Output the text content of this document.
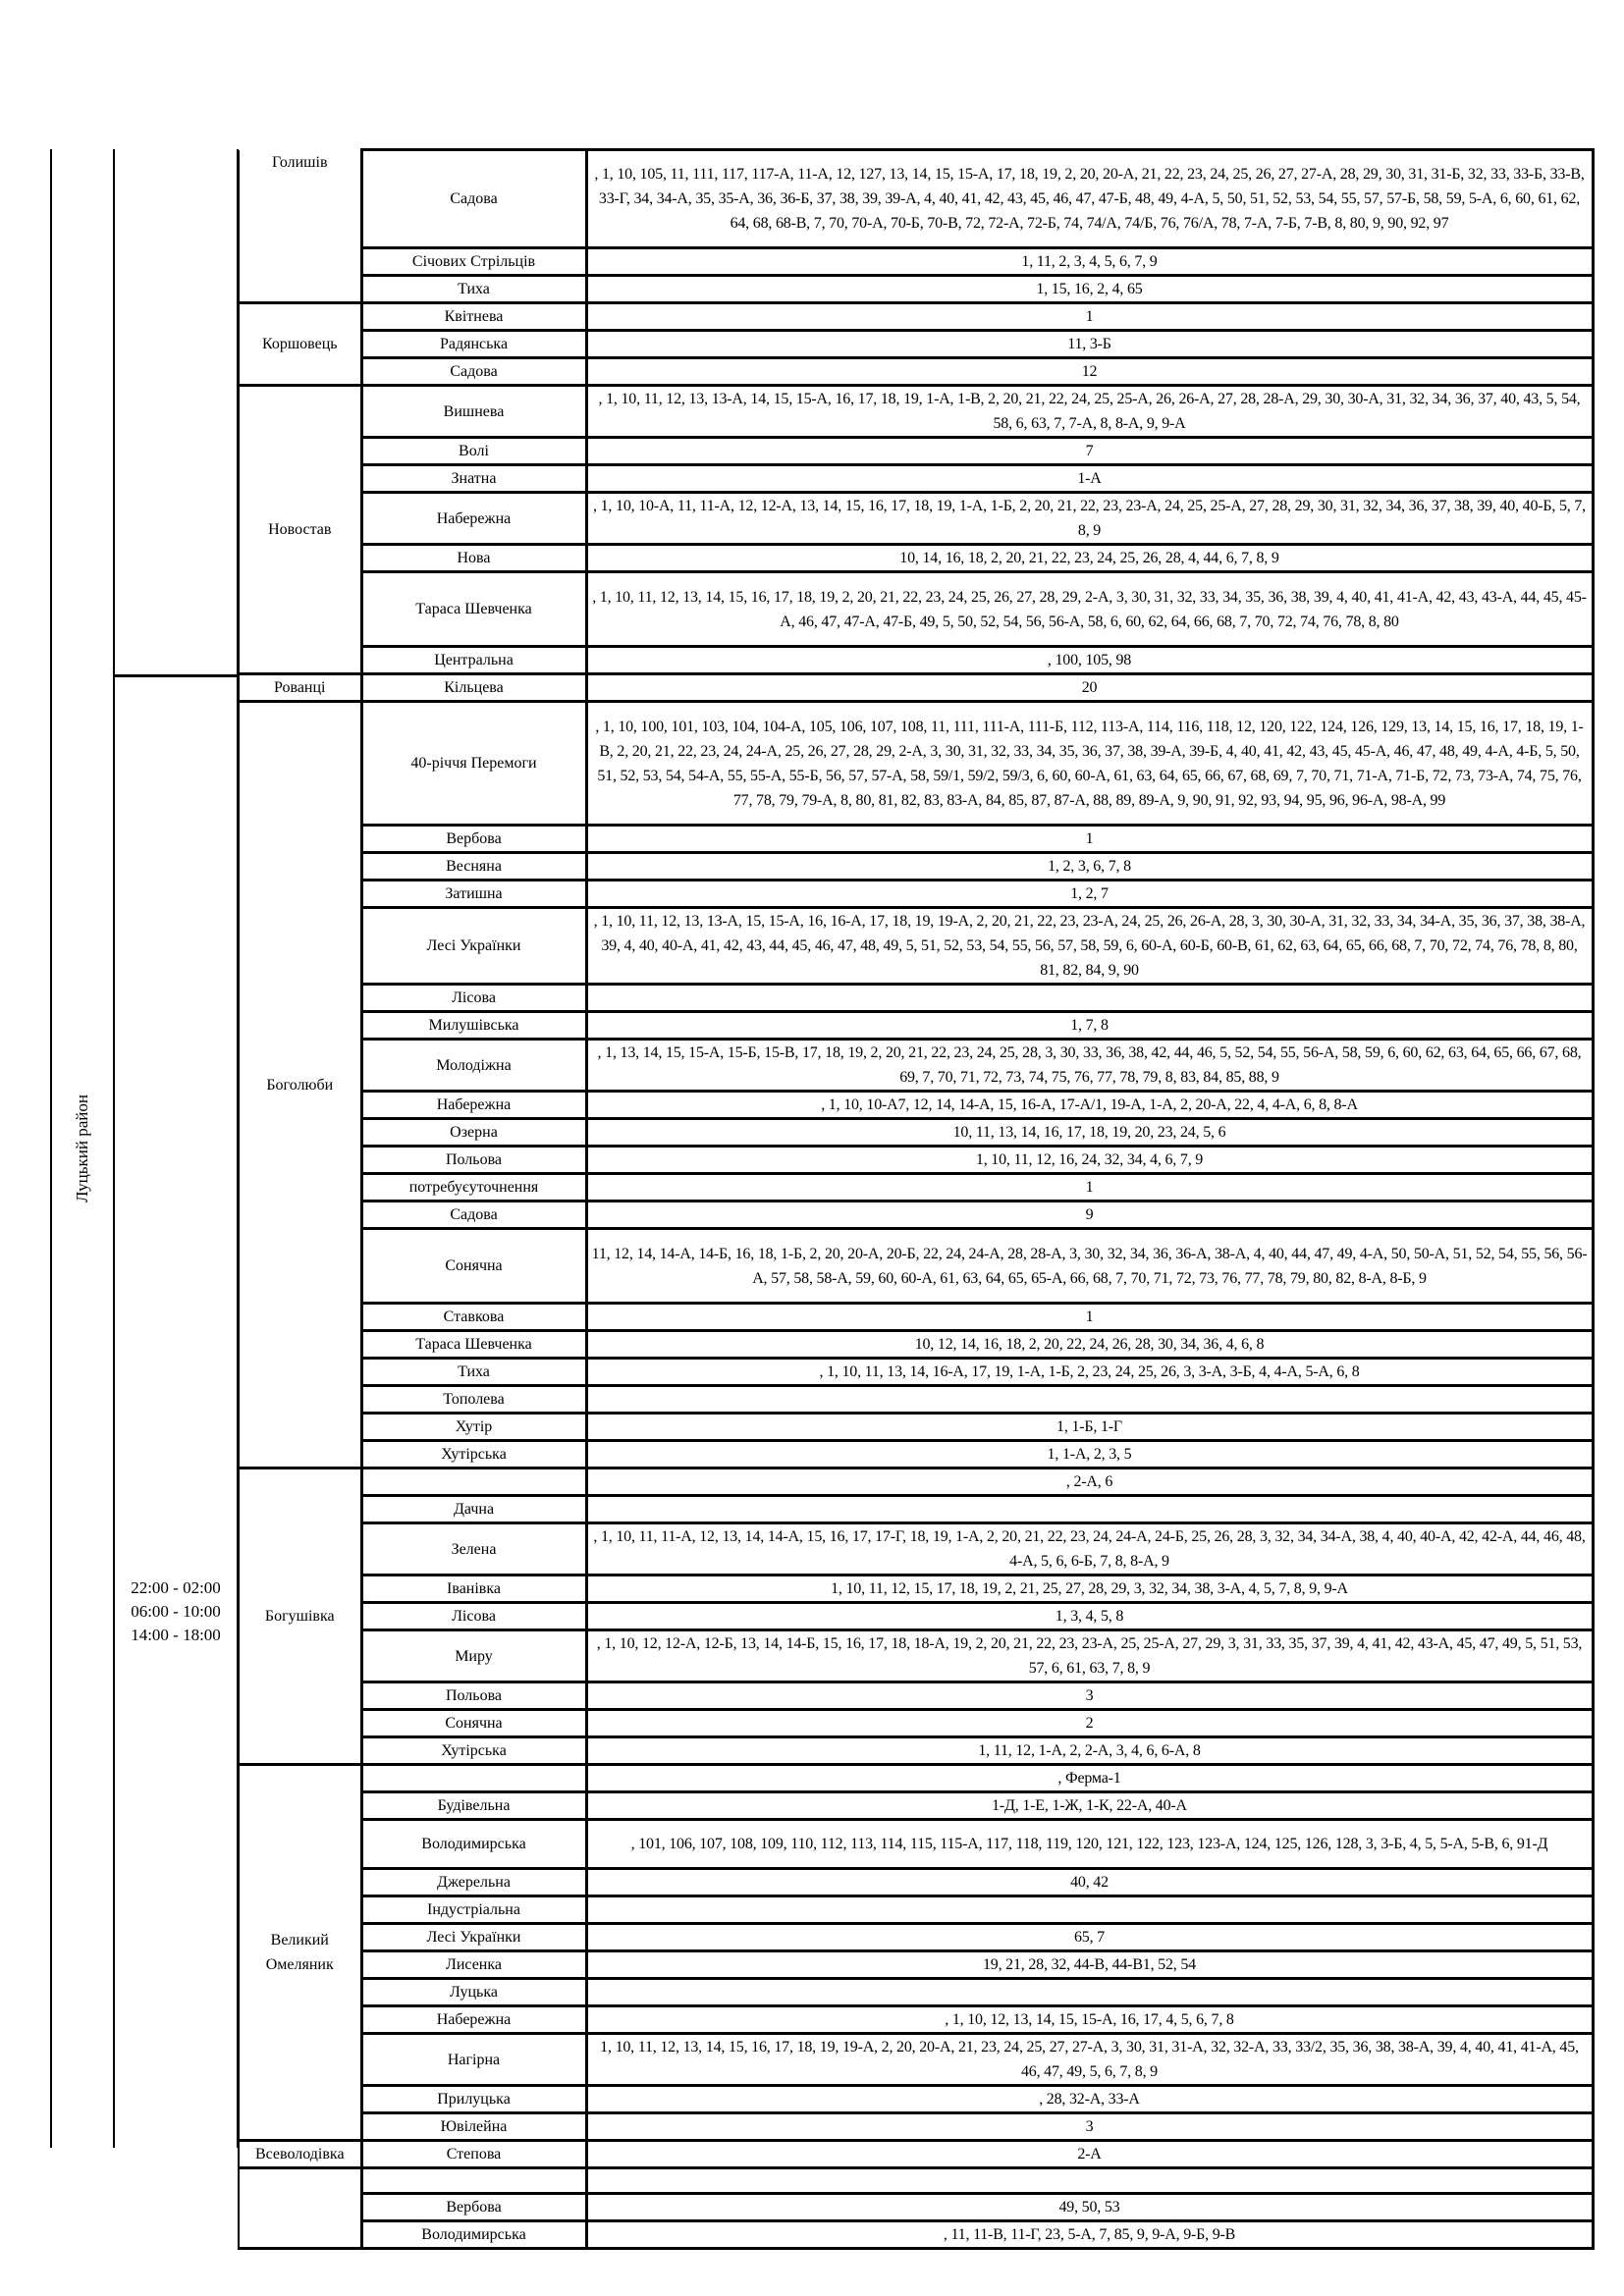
Луцький район
22:00 - 02:00
06:00 - 10:00
14:00 - 18:00
Голишів	Садова	, 1, 10, 105, 11, 111, 117, 117-А, 11-А, 12, 127, 13, 14, 15, 15-А, 17, 18, 19, 2, 20, 20-А, 21, 22, 23, 24, 25, 26, 27, 27-А, 28, 29, 30, 31, 31-Б, 32, 33, 33-Б, 33-В, 33-Г, 34, 34-А, 35, 35-А, 36, 36-Б, 37, 38, 39, 39-А, 4, 40, 41, 42, 43, 45, 46, 47, 47-Б, 48, 49, 4-А, 5, 50, 51, 52, 53, 54, 55, 57, 57-Б, 58, 59, 5-А, 6, 60, 61, 62, 64, 68, 68-В, 7, 70, 70-А, 70-Б, 70-В, 72, 72-А, 72-Б, 74, 74/А, 74/Б, 76, 76/А, 78, 7-А, 7-Б, 7-В, 8, 80, 9, 90, 92, 97
	Січових Стрільців	1, 11, 2, 3, 4, 5, 6, 7, 9
	Тиха	1, 15, 16, 2, 4, 65
Коршовець	Квітнева	1
	Радянська	11, 3-Б
	Садова	12
Новостав	Вишнева	, 1, 10, 11, 12, 13, 13-А, 14, 15, 15-А, 16, 17, 18, 19, 1-А, 1-В, 2, 20, 21, 22, 24, 25, 25-А, 26, 26-А, 27, 28, 28-А, 29, 30, 30-А, 31, 32, 34, 36, 37, 40, 43, 5, 54, 58, 6, 63, 7, 7-А, 8, 8-А, 9, 9-А
	Волі	7
	Знатна	1-А
	Набережна	, 1, 10, 10-А, 11, 11-А, 12, 12-А, 13, 14, 15, 16, 17, 18, 19, 1-А, 1-Б, 2, 20, 21, 22, 23, 23-А, 24, 25, 25-А, 27, 28, 29, 30, 31, 32, 34, 36, 37, 38, 39, 40, 40-Б, 5, 7, 8, 9
	Нова	10, 14, 16, 18, 2, 20, 21, 22, 23, 24, 25, 26, 28, 4, 44, 6, 7, 8, 9
	Тараса Шевченка	, 1, 10, 11, 12, 13, 14, 15, 16, 17, 18, 19, 2, 20, 21, 22, 23, 24, 25, 26, 27, 28, 29, 2-А, 3, 30, 31, 32, 33, 34, 35, 36, 38, 39, 4, 40, 41, 41-А, 42, 43, 43-А, 44, 45, 45-А, 46, 47, 47-А, 47-Б, 49, 5, 50, 52, 54, 56, 56-А, 58, 6, 60, 62, 64, 66, 68, 7, 70, 72, 74, 76, 78, 8, 80
	Центральна	, 100, 105, 98
Рованці	Кільцева	20
Боголюби	40-річчя Перемоги	, 1, 10, 100, 101, 103, 104, 104-А, 105, 106, 107, 108, 11, 111, 111-А, 111-Б, 112, 113-А, 114, 116, 118, 12, 120, 122, 124, 126, 129, 13, 14, 15, 16, 17, 18, 19, 1-В, 2, 20, 21, 22, 23, 24, 24-А, 25, 26, 27, 28, 29, 2-А, 3, 30, 31, 32, 33, 34, 35, 36, 37, 38, 39-А, 39-Б, 4, 40, 41, 42, 43, 45, 45-А, 46, 47, 48, 49, 4-А, 4-Б, 5, 50, 51, 52, 53, 54, 54-А, 55, 55-А, 55-Б, 56, 57, 57-А, 58, 59/1, 59/2, 59/3, 6, 60, 60-А, 61, 63, 64, 65, 66, 67, 68, 69, 7, 70, 71, 71-А, 71-Б, 72, 73, 73-А, 74, 75, 76, 77, 78, 79, 79-А, 8, 80, 81, 82, 83, 83-А, 84, 85, 87, 87-А, 88, 89, 89-А, 9, 90, 91, 92, 93, 94, 95, 96, 96-А, 98-А, 99
	Вербова	1
	Весняна	1, 2, 3, 6, 7, 8
	Затишна	1, 2, 7
	Лесі Українки	, 1, 10, 11, 12, 13, 13-А, 15, 15-А, 16, 16-А, 17, 18, 19, 19-А, 2, 20, 21, 22, 23, 23-А, 24, 25, 26, 26-А, 28, 3, 30, 30-А, 31, 32, 33, 34, 34-А, 35, 36, 37, 38, 38-А, 39, 4, 40, 40-А, 41, 42, 43, 44, 45, 46, 47, 48, 49, 5, 51, 52, 53, 54, 55, 56, 57, 58, 59, 6, 60-А, 60-Б, 60-В, 61, 62, 63, 64, 65, 66, 68, 7, 70, 72, 74, 76, 78, 8, 80, 81, 82, 84, 9, 90
	Лісова	
	Милушівська	1, 7, 8
	Молодіжна	, 1, 13, 14, 15, 15-А, 15-Б, 15-В, 17, 18, 19, 2, 20, 21, 22, 23, 24, 25, 28, 3, 30, 33, 36, 38, 42, 44, 46, 5, 52, 54, 55, 56-А, 58, 59, 6, 60, 62, 63, 64, 65, 66, 67, 68, 69, 7, 70, 71, 72, 73, 74, 75, 76, 77, 78, 79, 8, 83, 84, 85, 88, 9
	Набережна	, 1, 10, 10-А7, 12, 14, 14-А, 15, 16-А, 17-А/1, 19-А, 1-А, 2, 20-А, 22, 4, 4-А, 6, 8, 8-А
	Озерна	10, 11, 13, 14, 16, 17, 18, 19, 20, 23, 24, 5, 6
	Польова	1, 10, 11, 12, 16, 24, 32, 34, 4, 6, 7, 9
	потребуєуточнення	1
	Садова	9
	Сонячна	11, 12, 14, 14-А, 14-Б, 16, 18, 1-Б, 2, 20, 20-А, 20-Б, 22, 24, 24-А, 28, 28-А, 3, 30, 32, 34, 36, 36-А, 38-А, 4, 40, 44, 47, 49, 4-А, 50, 50-А, 51, 52, 54, 55, 56, 56-А, 57, 58, 58-А, 59, 60, 60-А, 61, 63, 64, 65, 65-А, 66, 68, 7, 70, 71, 72, 73, 76, 77, 78, 79, 80, 82, 8-А, 8-Б, 9
	Ставкова	1
	Тараса Шевченка	10, 12, 14, 16, 18, 2, 20, 22, 24, 26, 28, 30, 34, 36, 4, 6, 8
	Тиха	, 1, 10, 11, 13, 14, 16-А, 17, 19, 1-А, 1-Б, 2, 23, 24, 25, 26, 3, 3-А, 3-Б, 4, 4-А, 5-А, 6, 8
	Тополева	
	Хутір	1, 1-Б, 1-Г
	Хутірська	1, 1-А, 2, 3, 5
Богушівка		, 2-А, 6
	Дачна	
	Зелена	, 1, 10, 11, 11-А, 12, 13, 14, 14-А, 15, 16, 17, 17-Г, 18, 19, 1-А, 2, 20, 21, 22, 23, 24, 24-А, 24-Б, 25, 26, 28, 3, 32, 34, 34-А, 38, 4, 40, 40-А, 42, 42-А, 44, 46, 48, 4-А, 5, 6, 6-Б, 7, 8, 8-А, 9
	Іванівка	1, 10, 11, 12, 15, 17, 18, 19, 2, 21, 25, 27, 28, 29, 3, 32, 34, 38, 3-А, 4, 5, 7, 8, 9, 9-А
	Лісова	1, 3, 4, 5, 8
	Миру	, 1, 10, 12, 12-А, 12-Б, 13, 14, 14-Б, 15, 16, 17, 18, 18-А, 19, 2, 20, 21, 22, 23, 23-А, 25, 25-А, 27, 29, 3, 31, 33, 35, 37, 39, 4, 41, 42, 43-А, 45, 47, 49, 5, 51, 53, 57, 6, 61, 63, 7, 8, 9
	Польова	3
	Сонячна	2
	Хутірська	1, 11, 12, 1-А, 2, 2-А, 3, 4, 6, 6-А, 8
Великий Омеляник		, Ферма-1
	Будівельна	1-Д, 1-Е, 1-Ж, 1-К, 22-А, 40-А
	Володимирська	, 101, 106, 107, 108, 109, 110, 112, 113, 114, 115, 115-А, 117, 118, 119, 120, 121, 122, 123, 123-А, 124, 125, 126, 128, 3, 3-Б, 4, 5, 5-А, 5-В, 6, 91-Д
	Джерельна	40, 42
	Індустріальна	
	Лесі Українки	65, 7
	Лисенка	19, 21, 28, 32, 44-В, 44-В1, 52, 54
	Луцька	
	Набережна	, 1, 10, 12, 13, 14, 15, 15-А, 16, 17, 4, 5, 6, 7, 8
	Нагірна	1, 10, 11, 12, 13, 14, 15, 16, 17, 18, 19, 19-А, 2, 20, 20-А, 21, 23, 24, 25, 27, 27-А, 3, 30, 31, 31-А, 32, 32-А, 33, 33/2, 35, 36, 38, 38-А, 39, 4, 40, 41, 41-А, 45, 46, 47, 49, 5, 6, 7, 8, 9
	Прилуцька	, 28, 32-А, 33-А
	Ювілейна	3
Всеволодівка	Степова	2-А

	Вербова	49, 50, 53
	Володимирська	, 11, 11-В, 11-Г, 23, 5-А, 7, 85, 9, 9-А, 9-Б, 9-В
